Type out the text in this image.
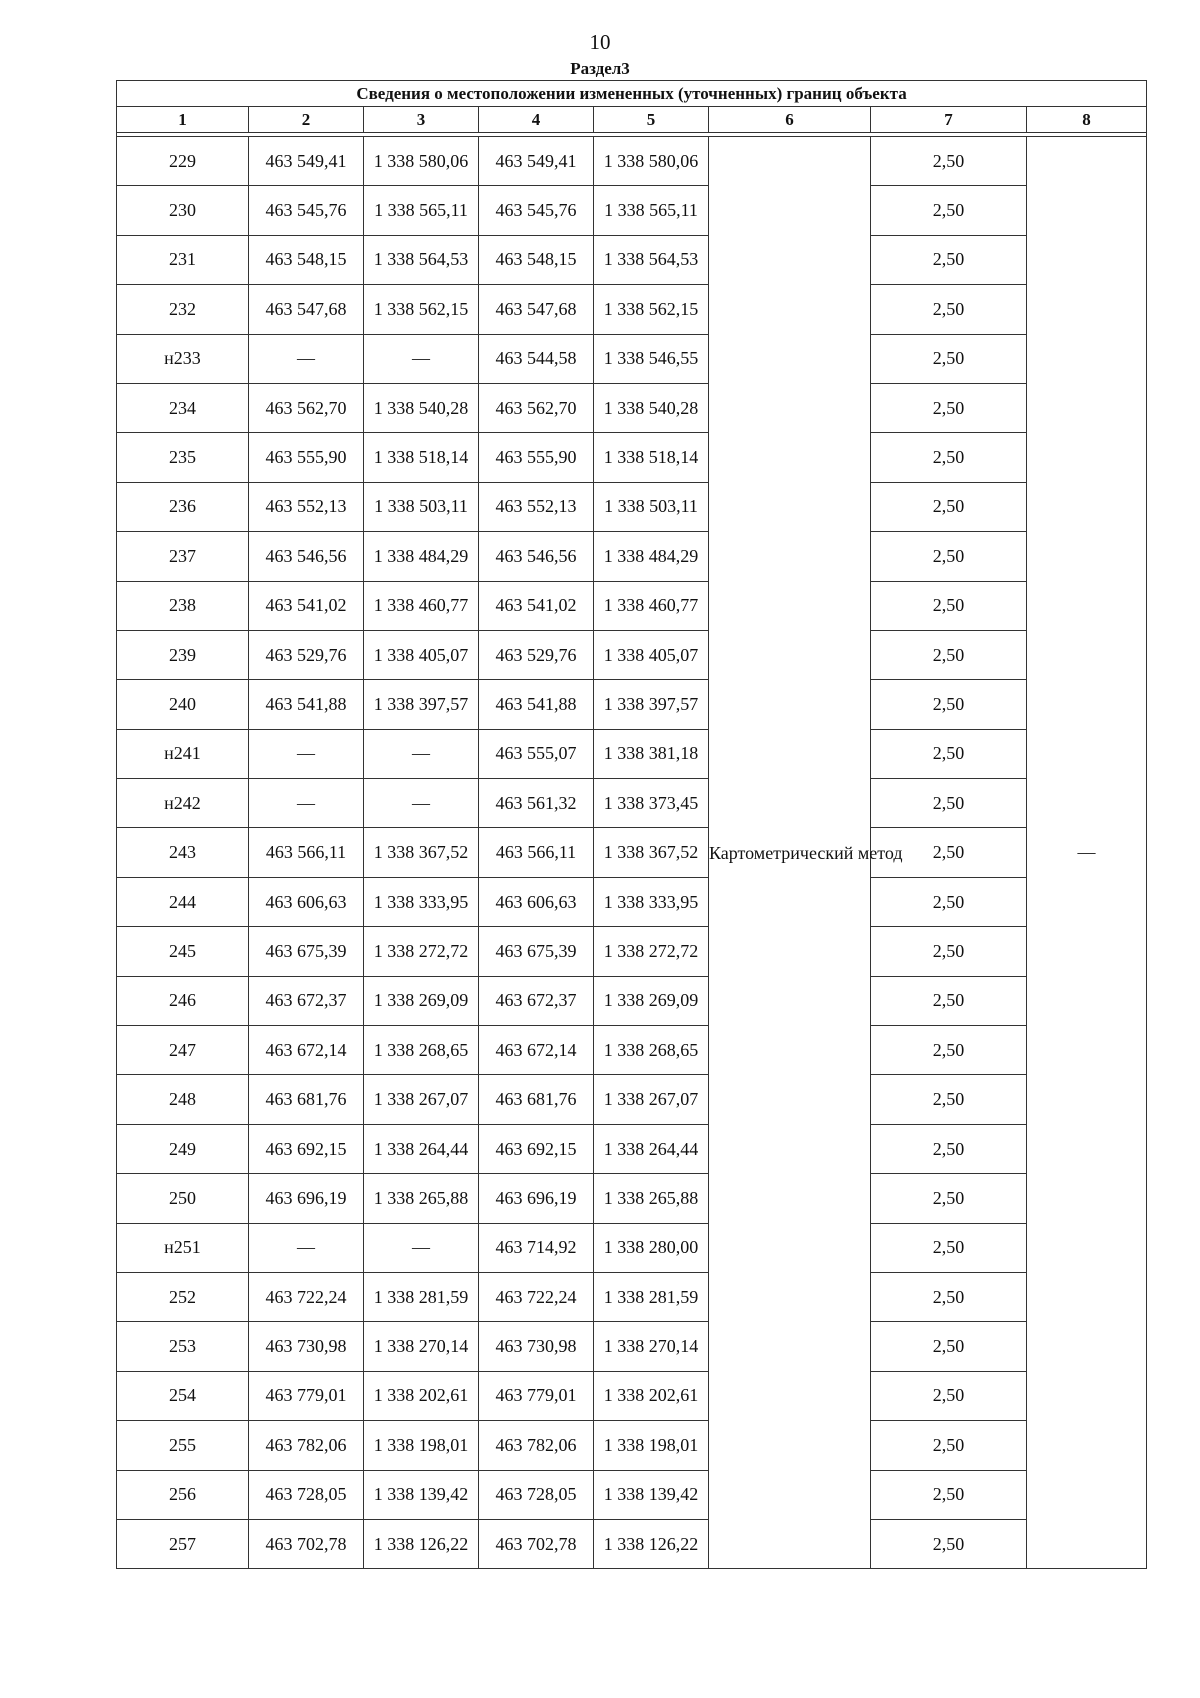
10
Раздел3
Сведения о местоположении измененных (уточненных) границ объекта							
1	2	3	4	5	6	7	8

229	463 549,41	1 338 580,06	463 549,41	1 338 580,06	Картометрический метод	2,50	—
230	463 545,76	1 338 565,11	463 545,76	1 338 565,11		2,50	
231	463 548,15	1 338 564,53	463 548,15	1 338 564,53		2,50	
232	463 547,68	1 338 562,15	463 547,68	1 338 562,15		2,50	
н233	—	—	463 544,58	1 338 546,55		2,50	
234	463 562,70	1 338 540,28	463 562,70	1 338 540,28		2,50	
235	463 555,90	1 338 518,14	463 555,90	1 338 518,14		2,50	
236	463 552,13	1 338 503,11	463 552,13	1 338 503,11		2,50	
237	463 546,56	1 338 484,29	463 546,56	1 338 484,29		2,50	
238	463 541,02	1 338 460,77	463 541,02	1 338 460,77		2,50	
239	463 529,76	1 338 405,07	463 529,76	1 338 405,07		2,50	
240	463 541,88	1 338 397,57	463 541,88	1 338 397,57		2,50	
н241	—	—	463 555,07	1 338 381,18		2,50	
н242	—	—	463 561,32	1 338 373,45		2,50	
243	463 566,11	1 338 367,52	463 566,11	1 338 367,52		2,50	
244	463 606,63	1 338 333,95	463 606,63	1 338 333,95		2,50	
245	463 675,39	1 338 272,72	463 675,39	1 338 272,72		2,50	
246	463 672,37	1 338 269,09	463 672,37	1 338 269,09		2,50	
247	463 672,14	1 338 268,65	463 672,14	1 338 268,65		2,50	
248	463 681,76	1 338 267,07	463 681,76	1 338 267,07		2,50	
249	463 692,15	1 338 264,44	463 692,15	1 338 264,44		2,50	
250	463 696,19	1 338 265,88	463 696,19	1 338 265,88		2,50	
н251	—	—	463 714,92	1 338 280,00		2,50	
252	463 722,24	1 338 281,59	463 722,24	1 338 281,59		2,50	
253	463 730,98	1 338 270,14	463 730,98	1 338 270,14		2,50	
254	463 779,01	1 338 202,61	463 779,01	1 338 202,61		2,50	
255	463 782,06	1 338 198,01	463 782,06	1 338 198,01		2,50	
256	463 728,05	1 338 139,42	463 728,05	1 338 139,42		2,50	
257	463 702,78	1 338 126,22	463 702,78	1 338 126,22		2,50	
